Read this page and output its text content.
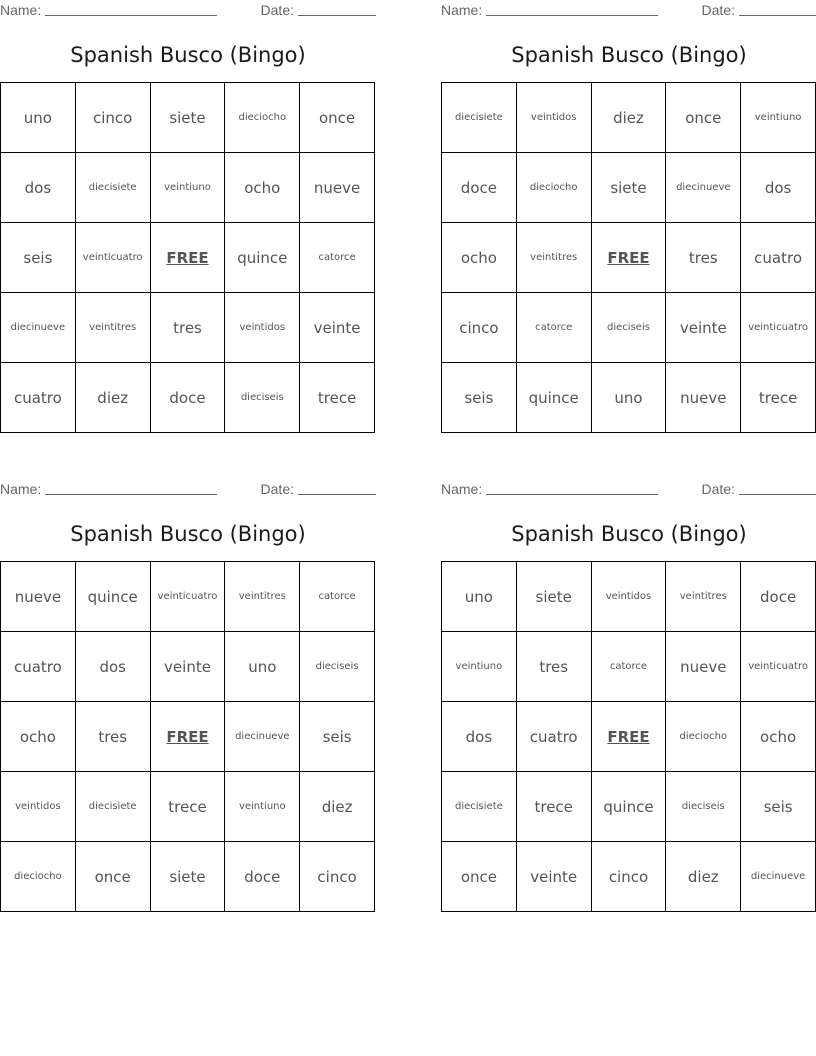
Name:	Date:
Spanish Busco (Bingo)
uno	cinco	siete	dieciocho	once
dos	diecisiete	veintiuno	ocho	nueve
seis	veinticuatro	FREE	quince	catorce
diecinueve	veintitres	tres	veintidos	veinte
cuatro	diez	doce	dieciseis	trece
Name:	Date:
Spanish Busco (Bingo)
diecisiete	veintidos	diez	once	veintiuno
doce	dieciocho	siete	diecinueve	dos
ocho	veintitres	FREE	tres	cuatro
cinco	catorce	dieciseis	veinte	veinticuatro
seis	quince	uno	nueve	trece
Name:	Date:
Spanish Busco (Bingo)
nueve	quince	veinticuatro	veintitres	catorce
cuatro	dos	veinte	uno	dieciseis
ocho	tres	FREE	diecinueve	seis
veintidos	diecisiete	trece	veintiuno	diez
dieciocho	once	siete	doce	cinco
Name:	Date:
Spanish Busco (Bingo)
uno	siete	veintidos	veintitres	doce
veintiuno	tres	catorce	nueve	veinticuatro
dos	cuatro	FREE	dieciocho	ocho
diecisiete	trece	quince	dieciseis	seis
once	veinte	cinco	diez	diecinueve
